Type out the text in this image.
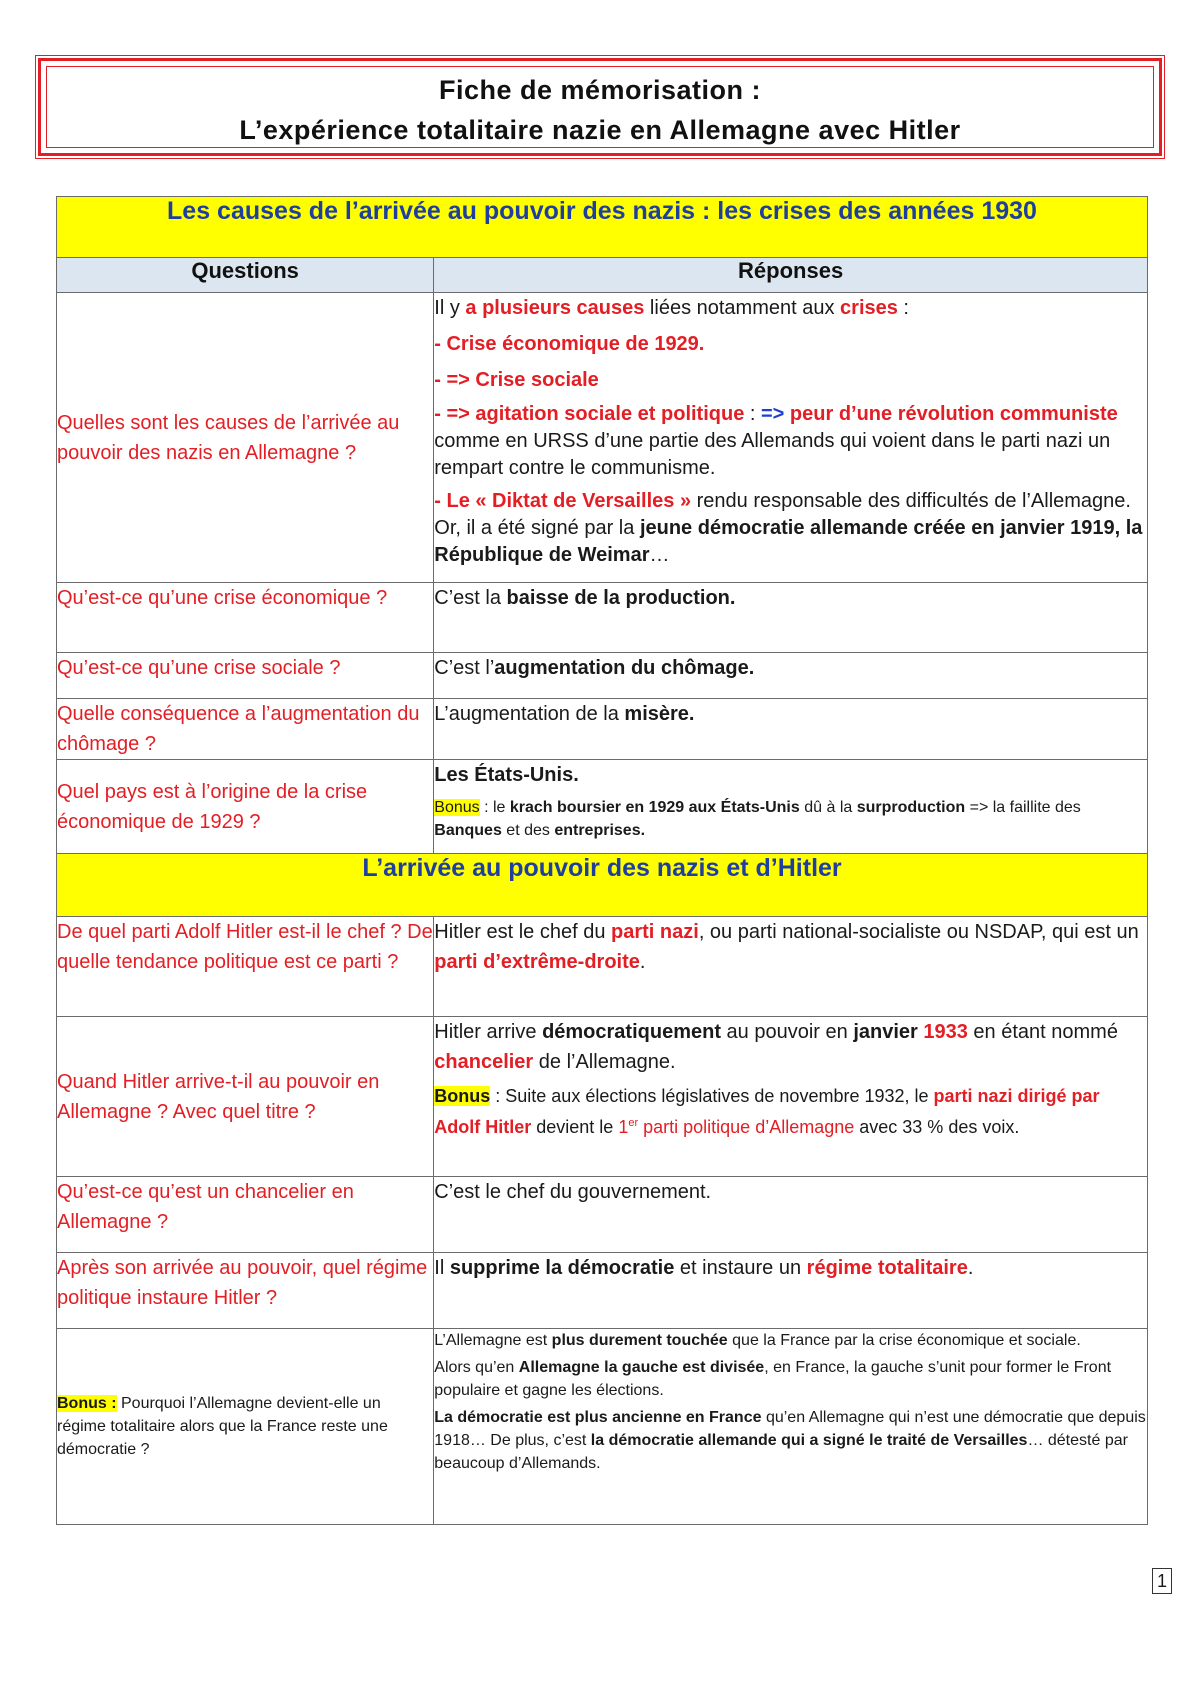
Fiche de mémorisation :
L’expérience totalitaire nazie en Allemagne avec Hitler
Les causes de l’arrivée au pouvoir des nazis : les crises des années 1930	
Questions	Réponses
Quelles sont les causes de l’arrivée au pouvoir des nazis en Allemagne ?	Il y a plusieurs causes liées notamment aux crises :

- Crise économique de 1929.

- => Crise sociale

- => agitation sociale et politique : => peur d’une révolution communiste comme en URSS d’une partie des Allemands qui voient dans le parti nazi un rempart contre le communisme.

- Le « Diktat de Versailles » rendu responsable des difficultés de l’Allemagne. Or, il a été signé par la jeune démocratie allemande créée en janvier 1919, la République de Weimar…

Qu’est-ce qu’une crise économique ?	C’est la baisse de la production.
Qu’est-ce qu’une crise sociale ?	C’est l’augmentation du chômage.
Quelle conséquence a l’augmentation du chômage ?	L’augmentation de la misère.
Quel pays est à l’origine de la crise économique de 1929 ?	Les États-Unis.

Bonus : le krach boursier en 1929 aux États-Unis dû à la surproduction => la faillite des Banques et des entreprises.

L’arrivée au pouvoir des nazis et d’Hitler	
De quel parti Adolf Hitler est-il le chef ? De quelle tendance politique est ce parti ?	Hitler est le chef du parti nazi, ou parti national-socialiste ou NSDAP, qui est un parti d’extrême-droite.
Quand Hitler arrive-t-il au pouvoir en Allemagne ? Avec quel titre ?	Hitler arrive démocratiquement au pouvoir en janvier 1933 en étant nommé chancelier de l’Allemagne.

Bonus : Suite aux élections législatives de novembre 1932, le parti nazi dirigé par Adolf Hitler devient le 1er parti politique d’Allemagne avec 33 % des voix.

Qu’est-ce qu’est un chancelier en Allemagne ?	C’est le chef du gouvernement.
Après son arrivée au pouvoir, quel régime politique instaure Hitler ?	Il supprime la démocratie et instaure un régime totalitaire.
Bonus : Pourquoi l’Allemagne devient-elle un régime totalitaire alors que la France reste une démocratie ?	L’Allemagne est plus durement touchée que la France par la crise économique et sociale.

Alors qu’en Allemagne la gauche est divisée, en France, la gauche s’unit pour former le Front populaire et gagne les élections.

La démocratie est plus ancienne en France qu’en Allemagne qui n’est une démocratie que depuis 1918… De plus, c’est la démocratie allemande qui a signé le traité de Versailles… détesté par beaucoup d’Allemands.

1
